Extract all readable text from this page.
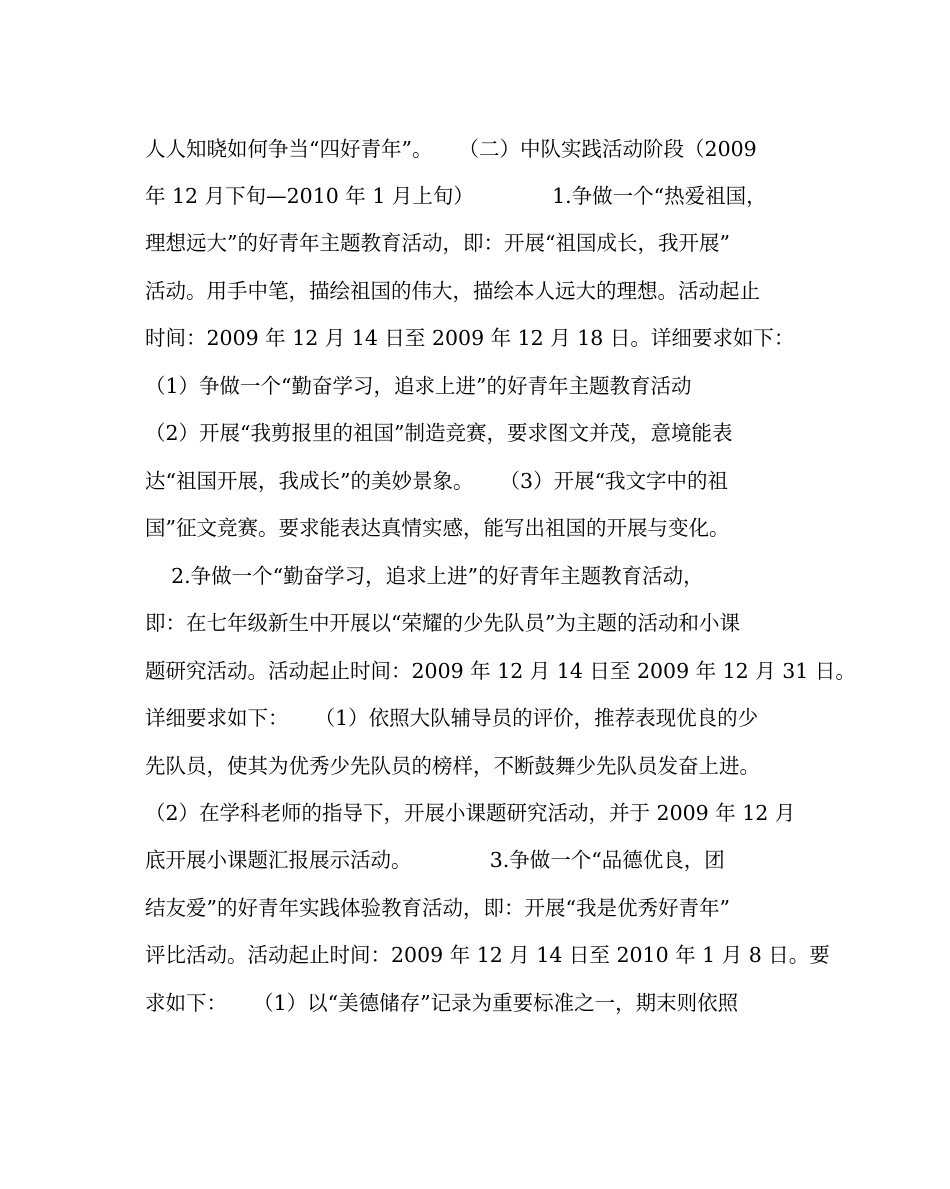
人人知晓如何争当“四好青年”。    （二）中队实践活动阶段（2009
年 12 月下旬—2010 年 1 月上旬）            1.争做一个“热爱祖国，
理想远大”的好青年主题教育活动，即：开展“祖国成长，我开展”
活动。用手中笔，描绘祖国的伟大，描绘本人远大的理想。活动起止
时间：2009 年 12 月 14 日至 2009 年 12 月 18 日。详细要求如下：
（1）争做一个“勤奋学习，追求上进”的好青年主题教育活动
（2）开展“我剪报里的祖国”制造竞赛，要求图文并茂，意境能表
达“祖国开展，我成长”的美妙景象。    （3）开展“我文字中的祖
国”征文竞赛。要求能表达真情实感，能写出祖国的开展与变化。
2.争做一个“勤奋学习，追求上进”的好青年主题教育活动，
即：在七年级新生中开展以“荣耀的少先队员”为主题的活动和小课
题研究活动。活动起止时间：2009 年 12 月 14 日至 2009 年 12 月 31 日。
详细要求如下：    （1）依照大队辅导员的评价，推荐表现优良的少
先队员，使其为优秀少先队员的榜样，不断鼓舞少先队员发奋上进。
（2）在学科老师的指导下，开展小课题研究活动，并于 2009 年 12 月
底开展小课题汇报展示活动。            3.争做一个“品德优良，团
结友爱”的好青年实践体验教育活动，即：开展“我是优秀好青年”
评比活动。活动起止时间：2009 年 12 月 14 日至 2010 年 1 月 8 日。要
求如下：    （1）以“美德储存”记录为重要标准之一，期末则依照
